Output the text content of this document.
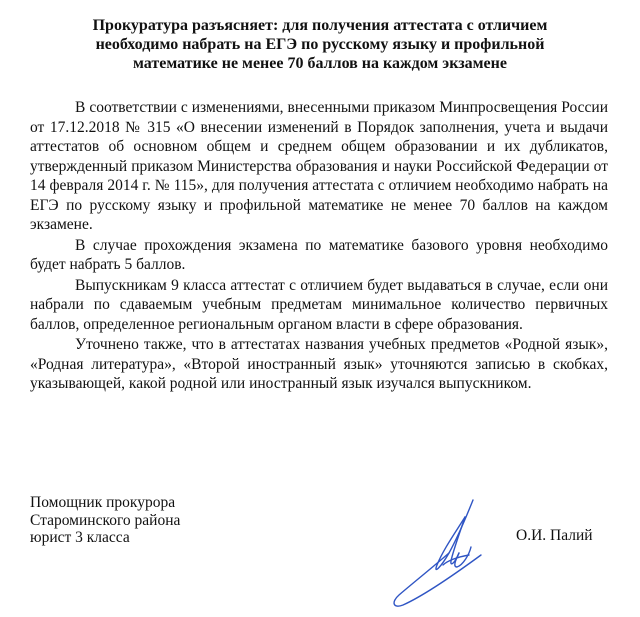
Прокуратура разъясняет: для получения аттестата с отличием необходимо набрать на ЕГЭ по русскому языку и профильной математике не менее 70 баллов на каждом экзамене

В соответствии с изменениями, внесенными приказом Минпросвещения России от 17.12.2018 № 315 «О внесении изменений в Порядок заполнения, учета и выдачи аттестатов об основном общем и среднем общем образовании и их дубликатов, утвержденный приказом Министерства образования и науки Российской Федерации от 14 февраля 2014 г. № 115», для получения аттестата с отличием необходимо набрать на ЕГЭ по русскому языку и профильной математике не менее 70 баллов на каждом экзамене.

В случае прохождения экзамена по математике базового уровня необходимо будет набрать 5 баллов.

Выпускникам 9 класса аттестат с отличием будет выдаваться в случае, если они набрали по сдаваемым учебным предметам минимальное количество первичных баллов, определенное региональным органом власти в сфере образования.

Уточнено также, что в аттестатах названия учебных предметов «Родной язык», «Родная литература», «Второй иностранный язык» уточняются записью в скобках, указывающей, какой родной или иностранный язык изучался выпускником.

Помощник прокурора
Староминского района
юрист 3 класса	О.И. Палий
